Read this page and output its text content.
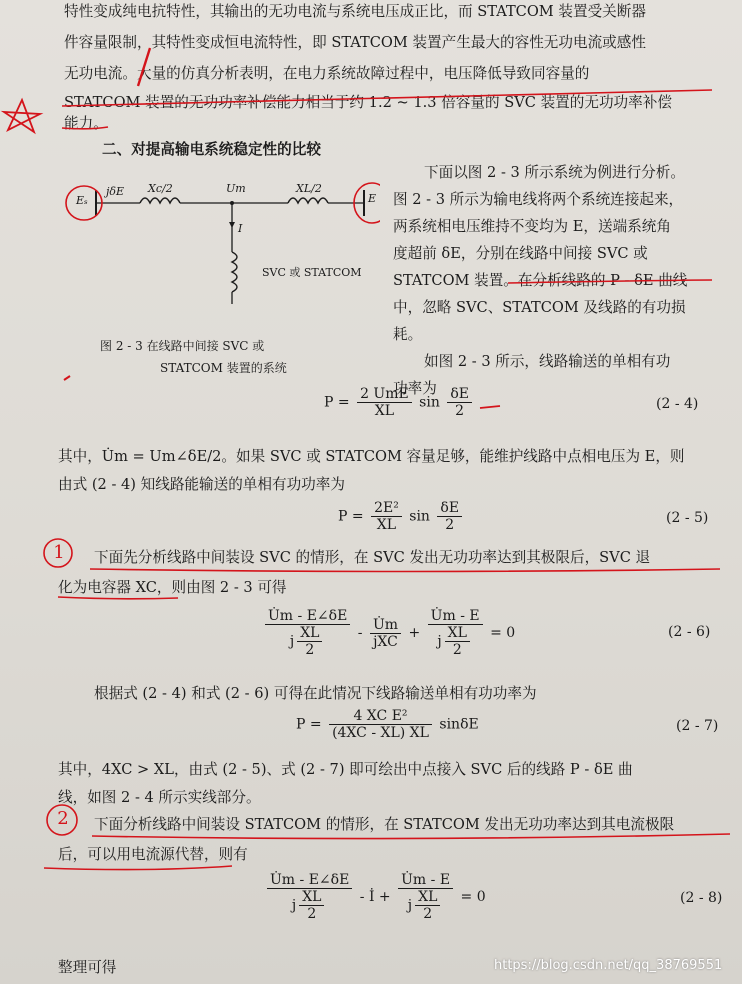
特性变成纯电抗特性，其输出的无功电流与系统电压成正比，而 STATCOM 装置受关断器
件容量限制，其特性变成恒电流特性，即 STATCOM 装置产生最大的容性无功电流或感性
无功电流。大量的仿真分析表明，在电力系统故障过程中，电压降低导致同容量的
STATCOM 装置的无功功率补偿能力相当于约 1.2 ~ 1.3 倍容量的 SVC 装置的无功功率补偿
能力。
二、对提高输电系统稳定性的比较
下面以图 2 - 3 所示系统为例进行分析。
图 2 - 3 所示为输电线将两个系统连接起来，
两系统相电压维持不变均为 E，送端系统角
度超前 δE，分别在线路中间接 SVC 或
STATCOM 装置。在分析线路的 P - δE 曲线
中，忽略 SVC、STATCOM 及线路的有功损
耗。
如图 2 - 3 所示，线路输送的单相有功
功率为
Eₛ
jδE Xc/2	Um	XL/2
E
I
SVC 或 STATCOM
图 2 - 3 在线路中间接 SVC 或
STATCOM 装置的系统
$P = \frac{\text{2 UmE}}{XL}$ $\sin \frac{\delta E}{2}$	(2 - 4)
其中，U̇m = Um∠δE/2。如果 SVC 或 STATCOM 容量足够，能维护线路中点相电压为 E，则
由式 (2 - 4) 知线路能输送的单相有功功率为
$P = \frac{\text{2E²}}{XL}$ $\sin \frac{\delta E}{2}$	(2 - 5)
下面先分析线路中间装设 SVC 的情形，在 SVC 发出无功功率达到其极限后，SVC 退
化为电容器 XC，则由图 2 - 3 可得
1
$\frac{U̇m - E\angle\delta E}{j \frac{XL}{2}} - \frac{U̇m}{\text{jXC}} + \frac{U̇m - E}{j \frac{XL}{2}} = 0$	(2 - 6)
根据式 (2 - 4) 和式 (2 - 6) 可得在此情况下线路输送单相有功功率为
$P = \frac{\text{4 XC E²}}{(4XC - XL) XL}$ sinδE	(2 - 7)
其中，4XC > XL，由式 (2 - 5)、式 (2 - 7) 即可绘出中点接入 SVC 后的线路 P - δE 曲
线，如图 2 - 4 所示实线部分。
下面分析线路中间装设 STATCOM 的情形，在 STATCOM 发出无功功率达到其电流极限
后，可以用电流源代替，则有
2
$\frac{U̇m - E\angle\delta E}{j \frac{XL}{2}}$ - İ + $\frac{U̇m - E}{j \frac{XL}{2}} = 0$	(2 - 8)
整理可得	https://blog.csdn.net/qq_38769551
